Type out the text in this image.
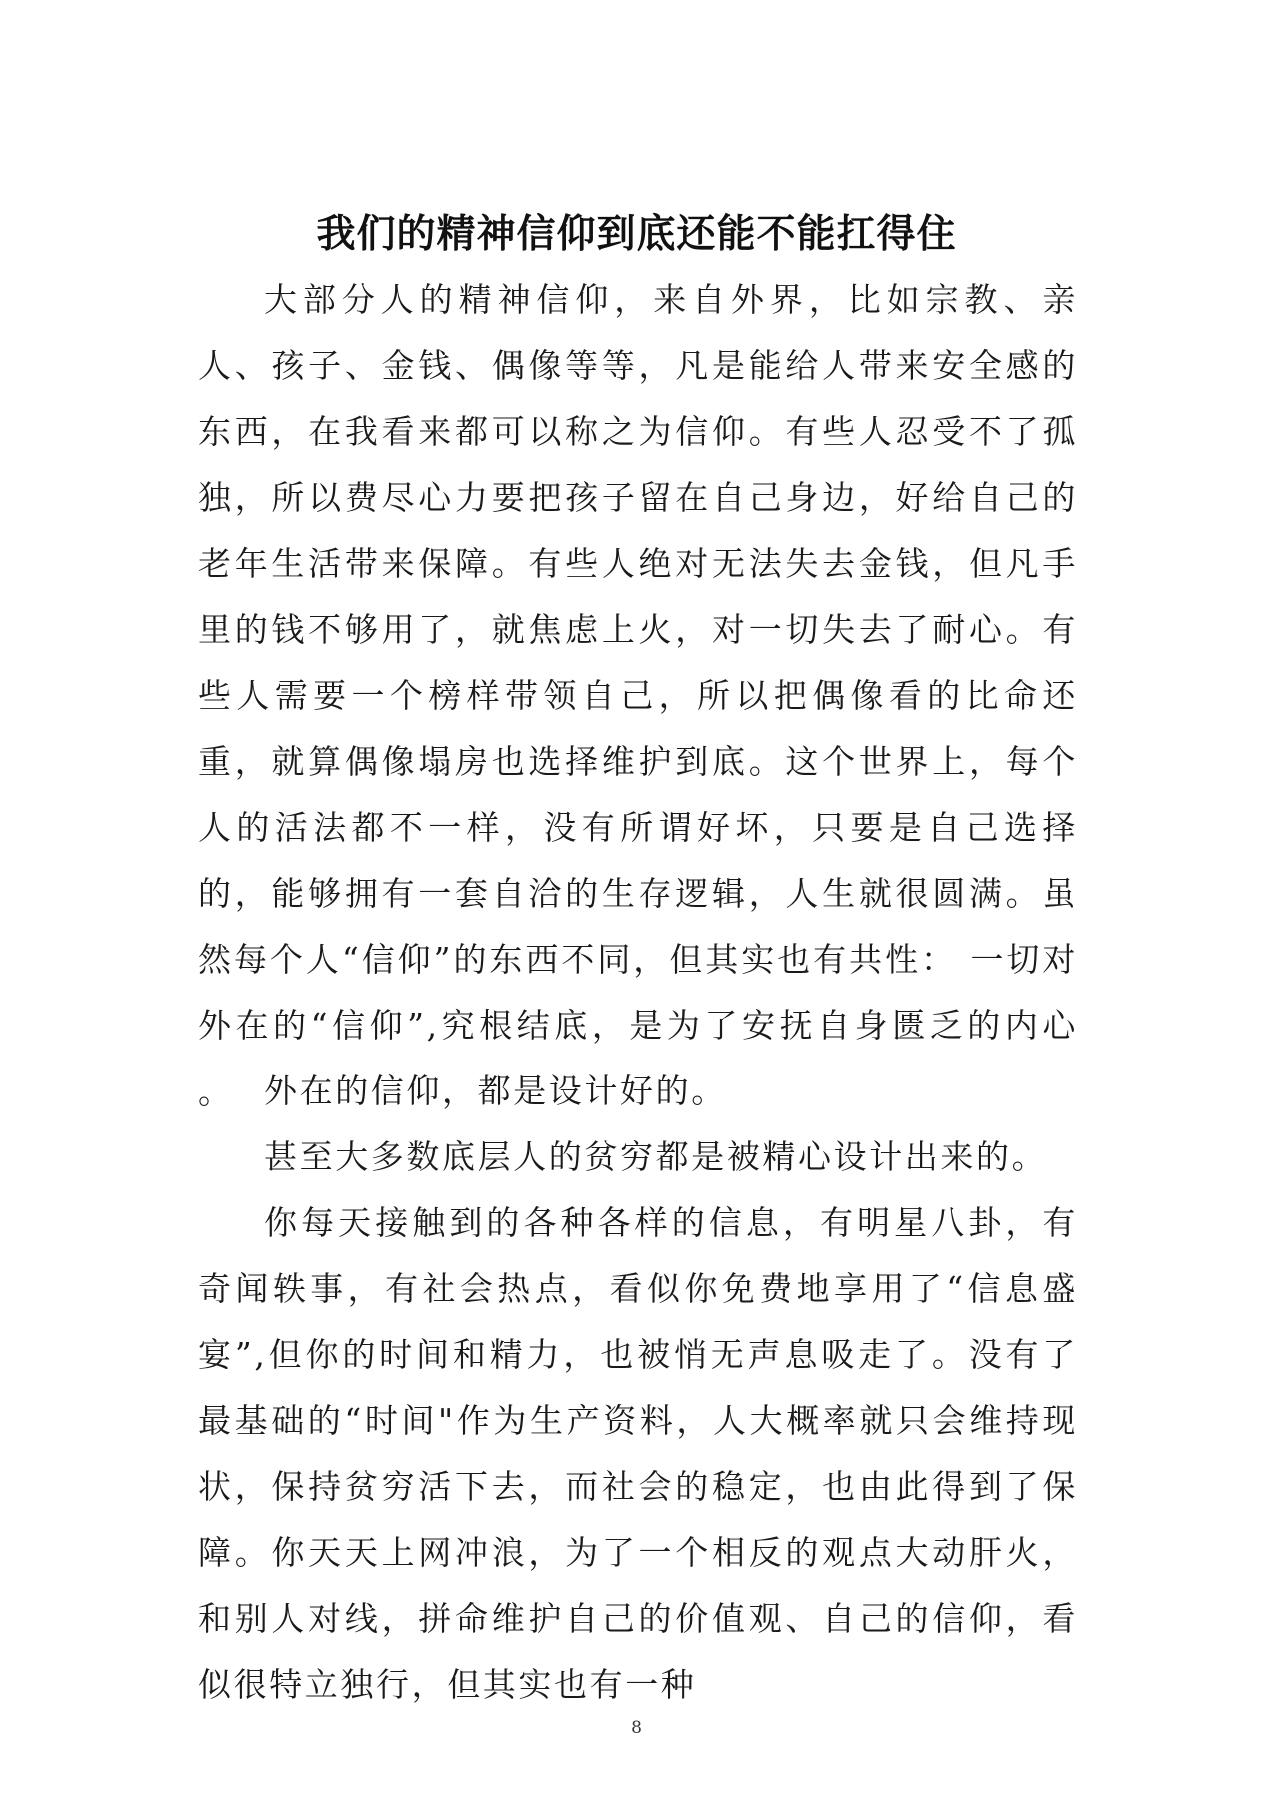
我们的精神信仰到底还能不能扛得住

大部分人的精神信仰，来自外界，比如宗教、亲人、孩子、金钱、偶像等等，凡是能给人带来安全感的东西，在我看来都可以称之为信仰。有些人忍受不了孤独，所以费尽心力要把孩子留在自己身边，好给自己的老年生活带来保障。有些人绝对无法失去金钱，但凡手里的钱不够用了，就焦虑上火，对一切失去了耐心。有些人需要一个榜样带领自己，所以把偶像看的比命还重，就算偶像塌房也选择维护到底。这个世界上，每个人的活法都不一样，没有所谓好坏，只要是自己选择的，能够拥有一套自洽的生存逻辑，人生就很圆满。虽然每个人“信仰”的东西不同，但其实也有共性： 一切对外在的“信仰”,究根结底，是为了安抚自身匮乏的内心 。 外在的信仰，都是设计好的。

甚至大多数底层人的贫穷都是被精心设计出来的。

你每天接触到的各种各样的信息，有明星八卦，有奇闻轶事，有社会热点，看似你免费地享用了“信息盛宴”,但你的时间和精力，也被悄无声息吸走了。没有了最基础的“时间"作为生产资料，人大概率就只会维持现状，保持贫穷活下去，而社会的稳定，也由此得到了保障。你天天上网冲浪，为了一个相反的观点大动肝火，和别人对线，拼命维护自己的价值观、自己的信仰，看似很特立独行，但其实也有一种

8
